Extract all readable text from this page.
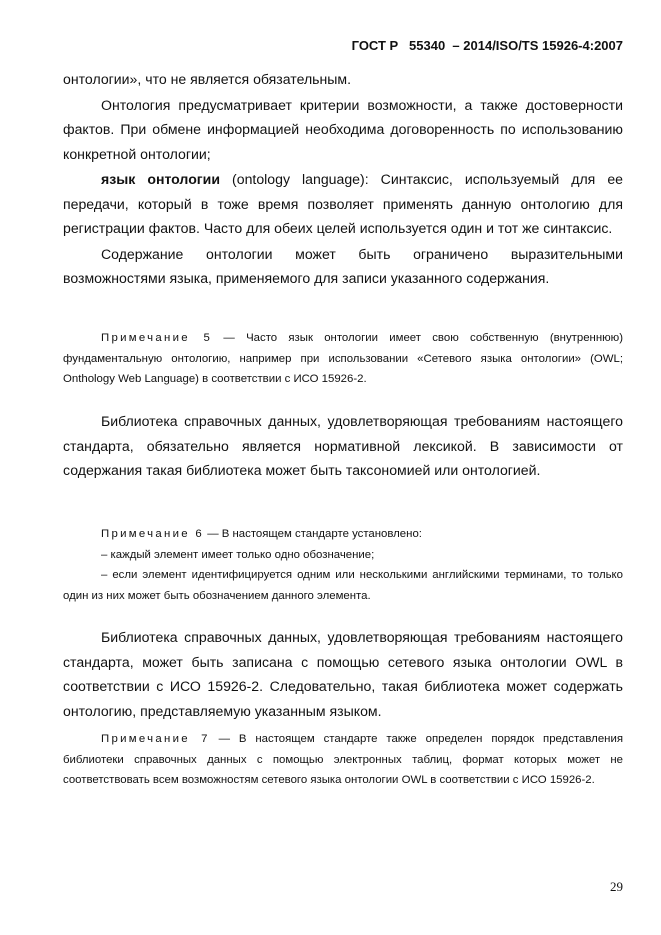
ГОСТ Р   55340  – 2014/ISO/TS 15926-4:2007

онтологии», что не является обязательным.

Онтология предусматривает критерии возможности, а также достоверности фактов. При обмене информацией необходима договоренность по использованию конкретной онтологии;

язык онтологии (ontology language): Синтаксис, используемый для ее передачи, который в тоже время позволяет применять данную онтологию для регистрации фактов. Часто для обеих целей используется один и тот же синтаксис.

Содержание онтологии может быть ограничено выразительными возможностями языка, применяемого для записи указанного содержания.

Примечание 5 — Часто язык онтологии имеет свою собственную (внутреннюю) фундаментальную онтологию, например при использовании «Сетевого языка онтологии» (OWL; Onthology Web Language) в соответствии с ИСО 15926-2.

Библиотека справочных данных, удовлетворяющая требованиям настоящего стандарта, обязательно является нормативной лексикой. В зависимости от содержания такая библиотека может быть таксономией или онтологией.

Примечание 6 — В настоящем стандарте установлено:

– каждый элемент имеет только одно обозначение;

– если элемент идентифицируется одним или несколькими английскими терминами, то только один из них может быть обозначением данного элемента.

Библиотека справочных данных, удовлетворяющая требованиям настоящего стандарта, может быть записана с помощью сетевого языка онтологии OWL в соответствии с ИСО 15926-2. Следовательно, такая библиотека может содержать онтологию, представляемую указанным языком.

Примечание 7 — В настоящем стандарте также определен порядок представления библиотеки справочных данных с помощью электронных таблиц, формат которых может не соответствовать всем возможностям сетевого языка онтологии OWL в соответствии с ИСО 15926-2.

29
